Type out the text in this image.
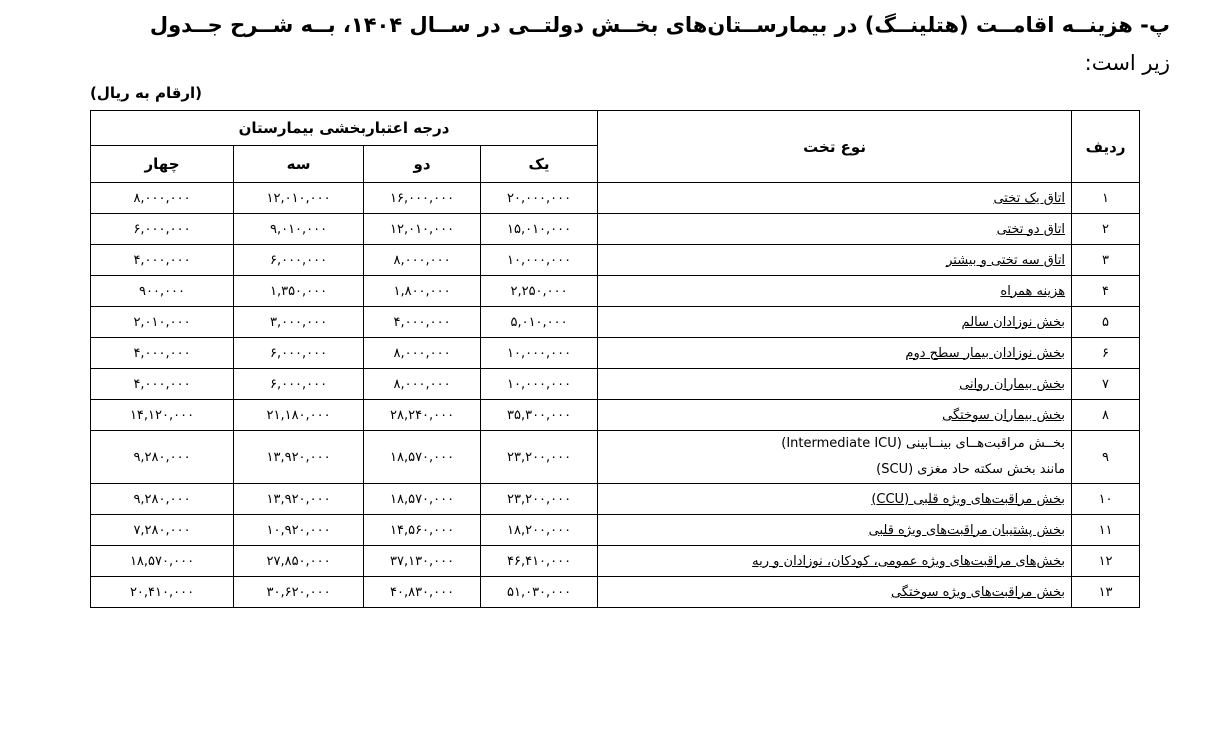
پ- هزینــه اقامــت (هتلینــگ) در بیمارســتان‌های بخــش دولتــی در ســال ۱۴۰۴، بــه شــرح جــدول
زیر است:
(ارقام به ریال)
ردیف	نوع تخت	درجه اعتباربخشی بیمارستان			
		یک	دو	سه	چهار
۱	اتاق یک تختی	۲۰,۰۰۰,۰۰۰	۱۶,۰۰۰,۰۰۰	۱۲,۰۱۰,۰۰۰	۸,۰۰۰,۰۰۰
۲	اتاق دو تختی	۱۵,۰۱۰,۰۰۰	۱۲,۰۱۰,۰۰۰	۹,۰۱۰,۰۰۰	۶,۰۰۰,۰۰۰
۳	اتاق سه تختی و بیشتر	۱۰,۰۰۰,۰۰۰	۸,۰۰۰,۰۰۰	۶,۰۰۰,۰۰۰	۴,۰۰۰,۰۰۰
۴	هزینه همراه	۲,۲۵۰,۰۰۰	۱,۸۰۰,۰۰۰	۱,۳۵۰,۰۰۰	۹۰۰,۰۰۰
۵	بخش نوزادان سالم	۵,۰۱۰,۰۰۰	۴,۰۰۰,۰۰۰	۳,۰۰۰,۰۰۰	۲,۰۱۰,۰۰۰
۶	بخش نوزادان بیمار سطح دوم	۱۰,۰۰۰,۰۰۰	۸,۰۰۰,۰۰۰	۶,۰۰۰,۰۰۰	۴,۰۰۰,۰۰۰
۷	بخش بیماران روانی	۱۰,۰۰۰,۰۰۰	۸,۰۰۰,۰۰۰	۶,۰۰۰,۰۰۰	۴,۰۰۰,۰۰۰
۸	بخش بیماران سوختگی	۳۵,۳۰۰,۰۰۰	۲۸,۲۴۰,۰۰۰	۲۱,۱۸۰,۰۰۰	۱۴,۱۲۰,۰۰۰
۹	بخــش مراقبت‌هــای بینــابینی (Intermediate ICU)
مانند بخش سکته حاد مغزی (SCU)	۲۳,۲۰۰,۰۰۰	۱۸,۵۷۰,۰۰۰	۱۳,۹۲۰,۰۰۰	۹,۲۸۰,۰۰۰
۱۰	بخش مراقبت‌های ویژه قلبی (CCU)	۲۳,۲۰۰,۰۰۰	۱۸,۵۷۰,۰۰۰	۱۳,۹۲۰,۰۰۰	۹,۲۸۰,۰۰۰
۱۱	بخش پشتیبان مراقبت‌های ویژه قلبی	۱۸,۲۰۰,۰۰۰	۱۴,۵۶۰,۰۰۰	۱۰,۹۲۰,۰۰۰	۷,۲۸۰,۰۰۰
۱۲	بخش‌های مراقبت‌های ویژه عمومی، کودکان، نوزادان و ریه	۴۶,۴۱۰,۰۰۰	۳۷,۱۳۰,۰۰۰	۲۷,۸۵۰,۰۰۰	۱۸,۵۷۰,۰۰۰
۱۳	بخش مراقبت‌های ویژه سوختگی	۵۱,۰۳۰,۰۰۰	۴۰,۸۳۰,۰۰۰	۳۰,۶۲۰,۰۰۰	۲۰,۴۱۰,۰۰۰
